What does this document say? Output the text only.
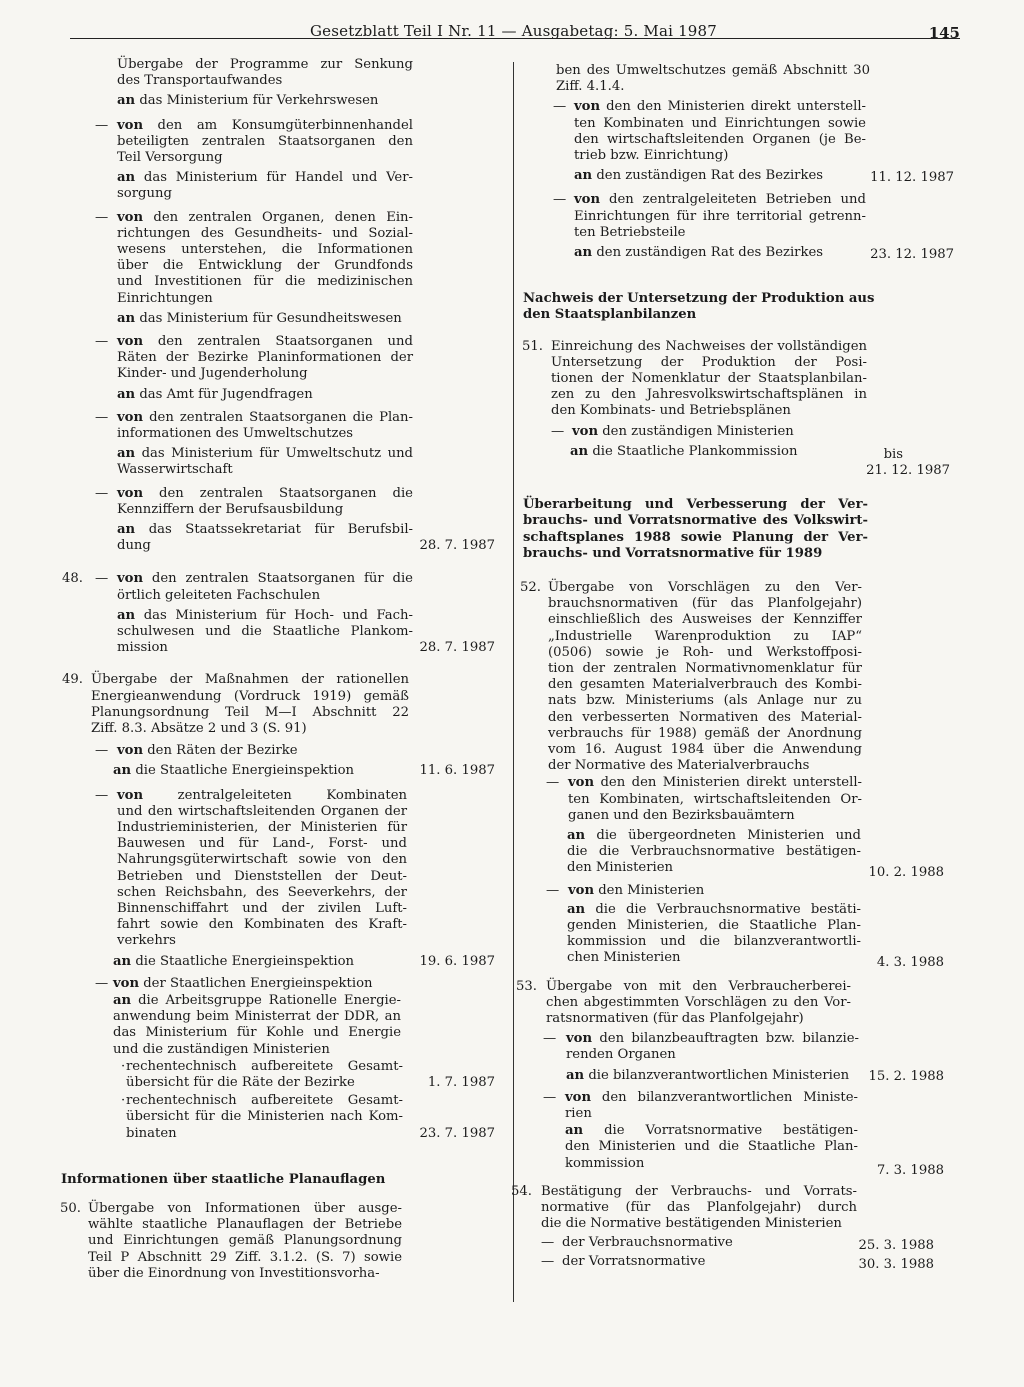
Gesetzblatt Teil I Nr. 11 — Ausgabetag: 5. Mai 1987	145
Übergabe der Programme zur Senkung
des Transportaufwandes
an das Ministerium für Verkehrswesen
— von den am Konsumgüterbinnenhandel
beteiligten zentralen Staatsorganen den
Teil Versorgung
an das Ministerium für Handel und Ver-
sorgung
— von den zentralen Organen, denen Ein-
richtungen des Gesundheits- und Sozial-
wesens unterstehen, die Informationen
über die Entwicklung der Grundfonds
und Investitionen für die medizinischen
Einrichtungen
an das Ministerium für Gesundheitswesen
— von den zentralen Staatsorganen und
Räten der Bezirke Planinformationen der
Kinder- und Jugenderholung
an das Amt für Jugendfragen
— von den zentralen Staatsorganen die Plan-
informationen des Umweltschutzes
an das Ministerium für Umweltschutz und
Wasserwirtschaft
— von den zentralen Staatsorganen die
Kennziffern der Berufsausbildung
an das Staatssekretariat für Berufsbil-
dung	28. 7. 1987
48. — von den zentralen Staatsorganen für die
örtlich geleiteten Fachschulen
an das Ministerium für Hoch- und Fach-
schulwesen und die Staatliche Plankom-
mission	28. 7. 1987
49. Übergabe der Maßnahmen der rationellen
Energieanwendung (Vordruck 1919) gemäß
Planungsordnung Teil M—I Abschnitt 22
Ziff. 8.3. Absätze 2 und 3 (S. 91)
— von den Räten der Bezirke
an die Staatliche Energieinspektion	11. 6. 1987
— von zentralgeleiteten Kombinaten
und den wirtschaftsleitenden Organen der
Industrieministerien, der Ministerien für
Bauwesen und für Land-, Forst- und
Nahrungsgüterwirtschaft sowie von den
Betrieben und Dienststellen der Deut-
schen Reichsbahn, des Seeverkehrs, der
Binnenschiffahrt und der zivilen Luft-
fahrt sowie den Kombinaten des Kraft-
verkehrs
an die Staatliche Energieinspektion	19. 6. 1987
— von der Staatlichen Energieinspektion
an die Arbeitsgruppe Rationelle Energie-
anwendung beim Ministerrat der DDR, an
das Ministerium für Kohle und Energie
und die zuständigen Ministerien
· rechentechnisch aufbereitete Gesamt-
übersicht für die Räte der Bezirke	1. 7. 1987
· rechentechnisch aufbereitete Gesamt-
übersicht für die Ministerien nach Kom-
binaten	23. 7. 1987
Informationen über staatliche Planauflagen
50. Übergabe von Informationen über ausge-
wählte staatliche Planauflagen der Betriebe
und Einrichtungen gemäß Planungsordnung
Teil P Abschnitt 29 Ziff. 3.1.2. (S. 7) sowie
über die Einordnung von Investitionsvorha-
ben des Umweltschutzes gemäß Abschnitt 30
Ziff. 4.1.4.
— von den den Ministerien direkt unterstell-
ten Kombinaten und Einrichtungen sowie
den wirtschaftsleitenden Organen (je Be-
trieb bzw. Einrichtung)
an den zuständigen Rat des Bezirkes	11. 12. 1987
— von den zentralgeleiteten Betrieben und
Einrichtungen für ihre territorial getrenn-
ten Betriebsteile
an den zuständigen Rat des Bezirkes	23. 12. 1987
Nachweis der Untersetzung der Produktion aus
den Staatsplanbilanzen
51. Einreichung des Nachweises der vollständigen
Untersetzung der Produktion der Posi-
tionen der Nomenklatur der Staatsplanbilan-
zen zu den Jahresvolkswirtschaftsplänen in
den Kombinats- und Betriebsplänen
— von den zuständigen Ministerien
an die Staatliche Plankommission	bis
21. 12. 1987
Überarbeitung und Verbesserung der Ver-
brauchs- und Vorratsnormative des Volkswirt-
schaftsplanes 1988 sowie Planung der Ver-
brauchs- und Vorratsnormative für 1989
52. Übergabe von Vorschlägen zu den Ver-
brauchsnormativen (für das Planfolgejahr)
einschließlich des Ausweises der Kennziffer
„Industrielle Warenproduktion zu IAP“
(0506) sowie je Roh- und Werkstoffposi-
tion der zentralen Normativnomenklatur für
den gesamten Materialverbrauch des Kombi-
nats bzw. Ministeriums (als Anlage nur zu
den verbesserten Normativen des Material-
verbrauchs für 1988) gemäß der Anordnung
vom 16. August 1984 über die Anwendung
der Normative des Materialverbrauchs
— von den den Ministerien direkt unterstell-
ten Kombinaten, wirtschaftsleitenden Or-
ganen und den Bezirksbauämtern
an die übergeordneten Ministerien und
die die Verbrauchsnormative bestätigen-
den Ministerien	10. 2. 1988
— von den Ministerien
an die die Verbrauchsnormative bestäti-
genden Ministerien, die Staatliche Plan-
kommission und die bilanzverantwortli-
chen Ministerien	4. 3. 1988
53. Übergabe von mit den Verbraucherberei-
chen abgestimmten Vorschlägen zu den Vor-
ratsnormativen (für das Planfolgejahr)
— von den bilanzbeauftragten bzw. bilanzie-
renden Organen
an die bilanzverantwortlichen Ministerien	15. 2. 1988
— von den bilanzverantwortlichen Ministe-
rien
an die Vorratsnormative bestätigen-
den Ministerien und die Staatliche Plan-
kommission	7. 3. 1988
54. Bestätigung der Verbrauchs- und Vorrats-
normative (für das Planfolgejahr) durch
die die Normative bestätigenden Ministerien
— der Verbrauchsnormative	25. 3. 1988
— der Vorratsnormative	30. 3. 1988
